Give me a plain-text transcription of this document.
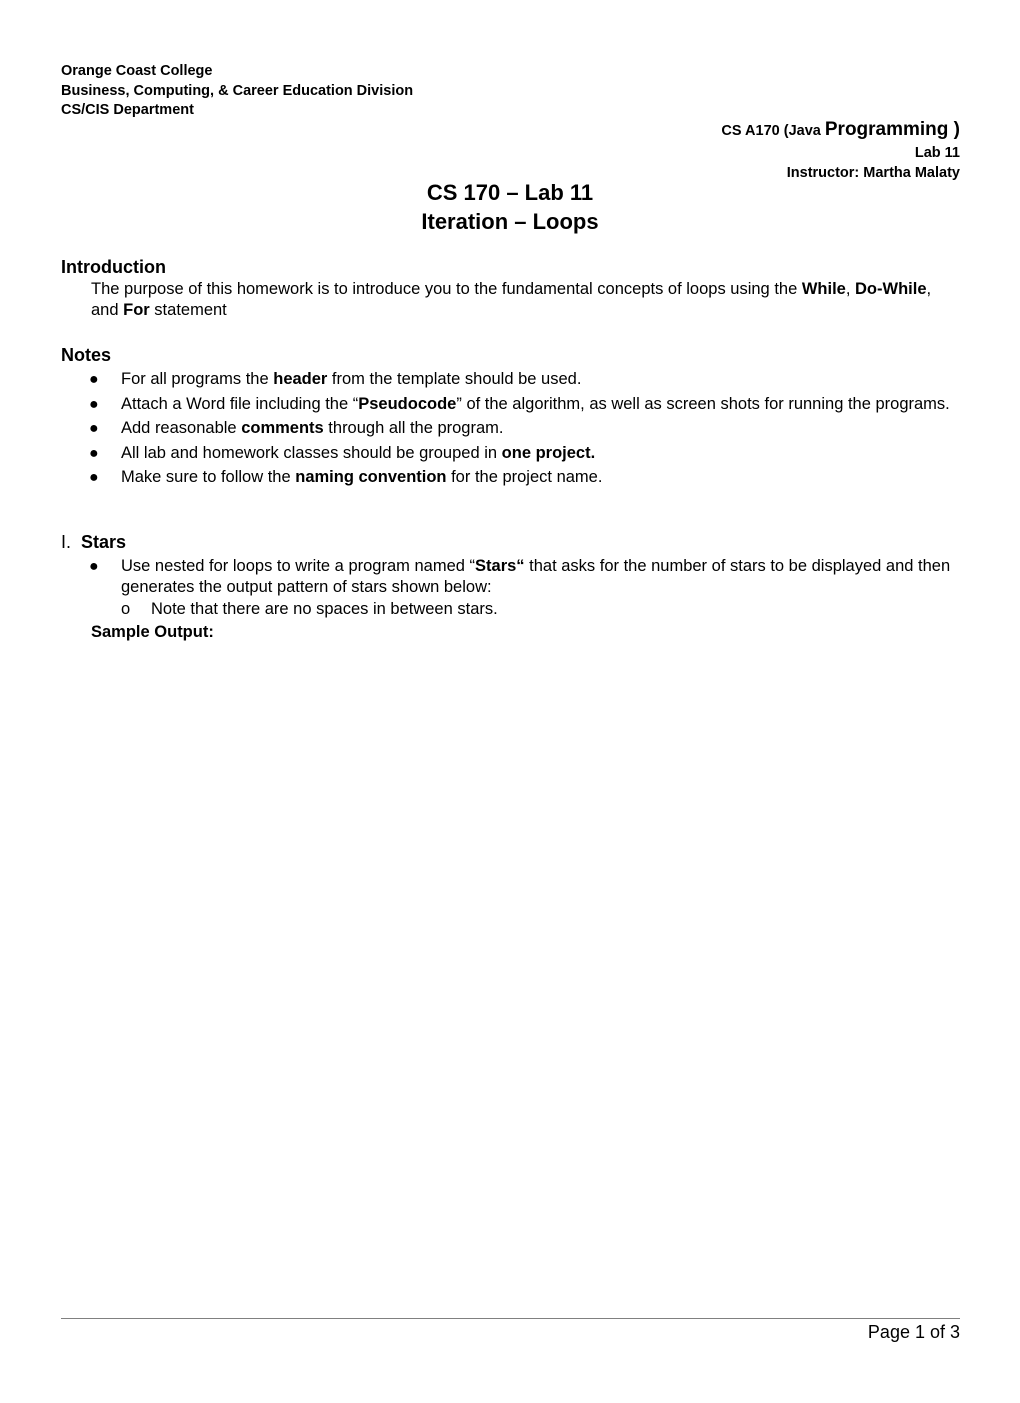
Orange Coast College
Business, Computing, & Career Education Division
CS/CIS Department
CS A170 (Java Programming )
Lab 11
Instructor: Martha Malaty
CS 170 – Lab 11
Iteration – Loops
Introduction
The purpose of this homework is to introduce you to the fundamental concepts of loops using the While, Do-While, and For statement
Notes
● For all programs the header from the template should be used.
● Attach a Word file including the “Pseudocode” of the algorithm, as well as screen shots for running the programs.
● Add reasonable comments through all the program.
● All lab and homework classes should be grouped in one project.
● Make sure to follow the naming convention for the project name.
I. Stars
● Use nested for loops to write a program named “Stars“ that asks for the number of stars to be displayed and then generates the output pattern of stars shown below:
o Note that there are no spaces in between stars.
Sample Output:
Page 1 of 3
